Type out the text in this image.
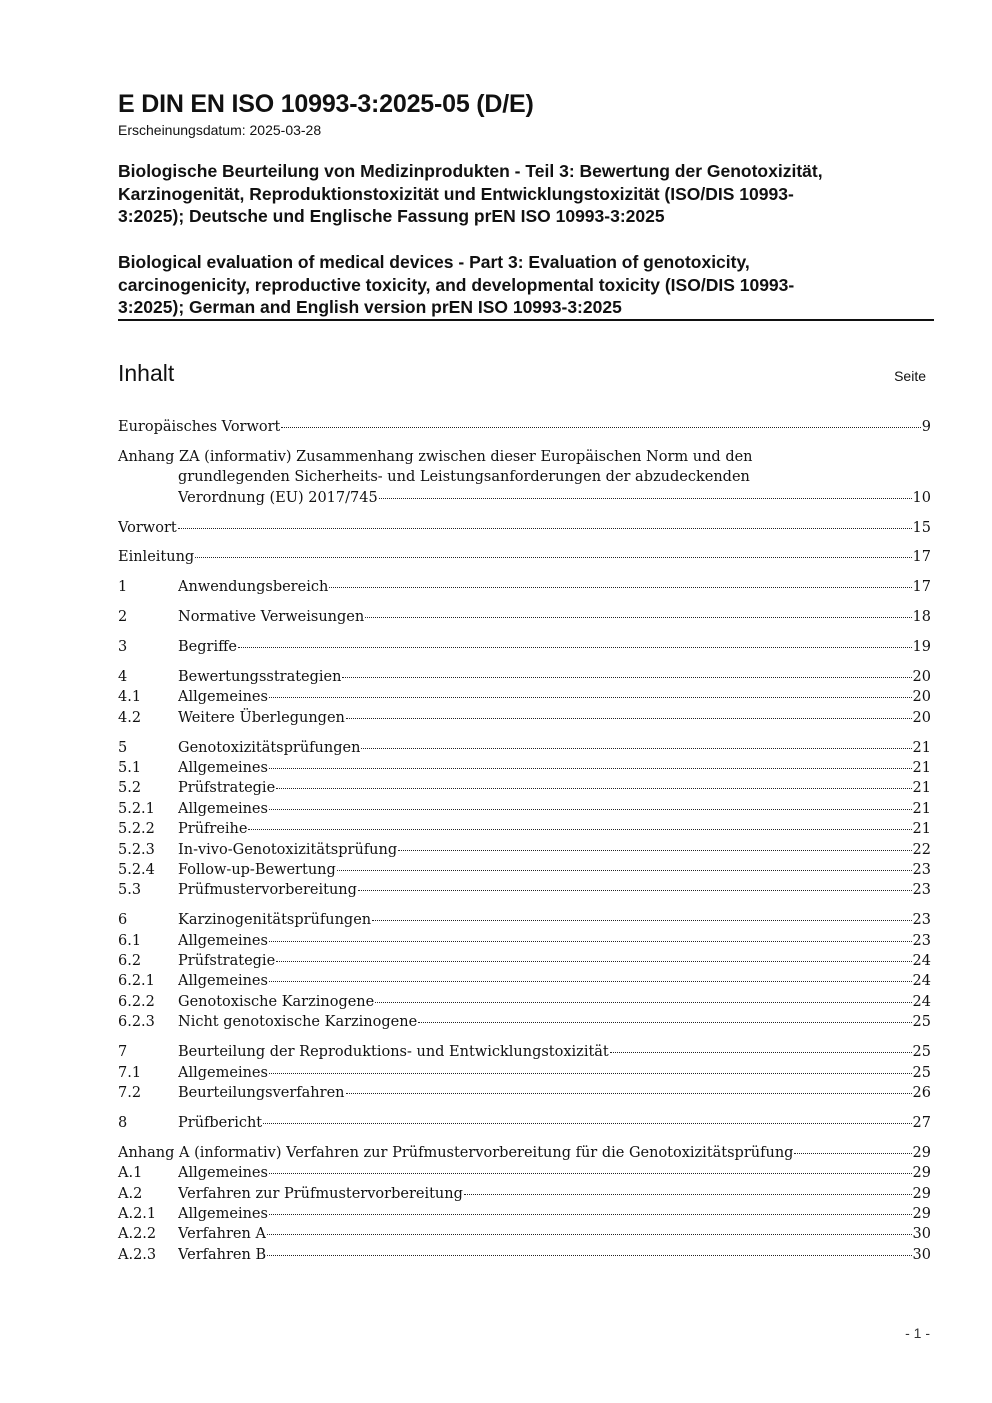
E DIN EN ISO 10993-3:2025-05 (D/E)
Erscheinungsdatum: 2025-03-28
Biologische Beurteilung von Medizinprodukten - Teil 3: Bewertung der Genotoxizität,
Karzinogenität, Reproduktionstoxizität und Entwicklungstoxizität (ISO/DIS 10993-
3:2025); Deutsche und Englische Fassung prEN ISO 10993-3:2025
Biological evaluation of medical devices - Part 3: Evaluation of genotoxicity,
carcinogenicity, reproductive toxicity, and developmental toxicity (ISO/DIS 10993-
3:2025); German and English version prEN ISO 10993-3:2025
Inhalt	Seite
Europäisches Vorwort	9
Anhang ZA (informativ) Zusammenhang zwischen dieser Europäischen Norm und den
grundlegenden Sicherheits- und Leistungsanforderungen der abzudeckenden
Verordnung (EU) 2017/745	10
Vorwort	15
Einleitung	17
1	Anwendungsbereich	17
2	Normative Verweisungen	18
3	Begriffe	19
4	Bewertungsstrategien	20
4.1	Allgemeines	20
4.2	Weitere Überlegungen	20
5	Genotoxizitätsprüfungen	21
5.1	Allgemeines	21
5.2	Prüfstrategie	21
5.2.1	Allgemeines	21
5.2.2	Prüfreihe	21
5.2.3	In-vivo-Genotoxizitätsprüfung	22
5.2.4	Follow-up-Bewertung	23
5.3	Prüfmustervorbereitung	23
6	Karzinogenitätsprüfungen	23
6.1	Allgemeines	23
6.2	Prüfstrategie	24
6.2.1	Allgemeines	24
6.2.2	Genotoxische Karzinogene	24
6.2.3	Nicht genotoxische Karzinogene	25
7	Beurteilung der Reproduktions- und Entwicklungstoxizität	25
7.1	Allgemeines	25
7.2	Beurteilungsverfahren	26
8	Prüfbericht	27
Anhang A (informativ) Verfahren zur Prüfmustervorbereitung für die Genotoxizitätsprüfung	29
A.1	Allgemeines	29
A.2	Verfahren zur Prüfmustervorbereitung	29
A.2.1	Allgemeines	29
A.2.2	Verfahren A	30
A.2.3	Verfahren B	30
- 1 -
